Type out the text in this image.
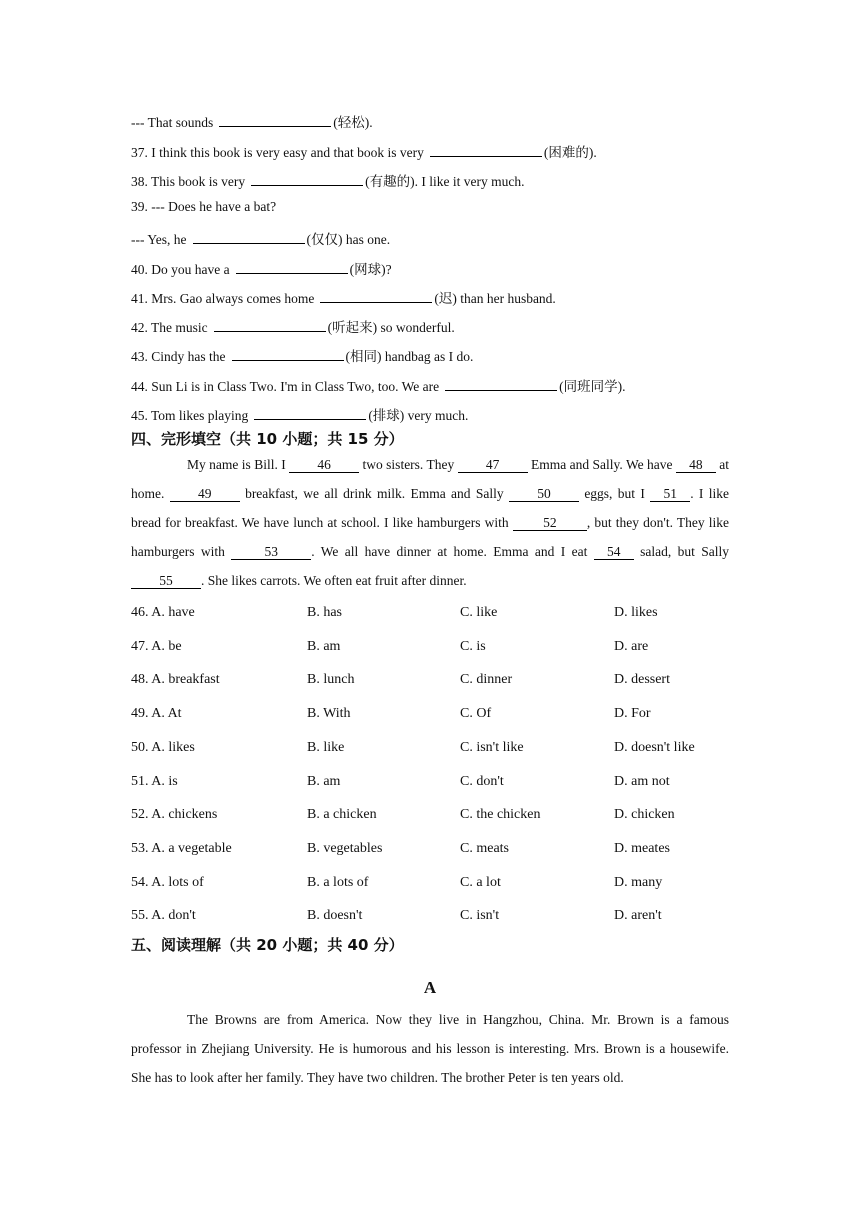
--- That sounds	(轻松).
37. I think this book is very easy and that book is very	(困难的).
38. This book is very	(有趣的). I like it very much.
39. --- Does he have a bat?
--- Yes, he	(仅仅) has one.
40. Do you have a	(网球)?
41. Mrs. Gao always comes home	(迟) than her husband.
42. The music	(听起来) so wonderful.
43. Cindy has the	(相同) handbag as I do.
44. Sun Li is in Class Two. I'm in Class Two, too. We are	(同班同学).
45. Tom likes playing	(排球) very much.
四、完形填空（共 10 小题；共 15 分）
My name is Bill. I 46 two sisters. They 47 Emma and Sally. We have 48 at home. 49 breakfast, we all drink milk. Emma and Sally 50 eggs, but I 51 . I like bread for breakfast. We have lunch at school. I like hamburgers with	52 , but they don't. They like hamburgers with	53 . We all have dinner at home. Emma and I eat 54 salad, but Sally 55 . She likes carrots. We often eat fruit after dinner.
46. A. have	B. has	C. like	D. likes
47. A. be	B. am	C. is	D. are
48. A. breakfast	B. lunch	C. dinner	D. dessert
49. A. At	B. With	C. Of	D. For
50. A. likes	B. like	C. isn't like	D. doesn't like
51. A. is	B. am	C. don't	D. am not
52. A. chickens	B. a chicken	C. the chicken	D. chicken
53. A. a vegetable	B. vegetables	C. meats	D. meates
54. A. lots of	B. a lots of	C. a lot	D. many
55. A. don't	B. doesn't	C. isn't	D. aren't
五、阅读理解（共 20 小题；共 40 分）
A
The Browns are from America. Now they live in Hangzhou, China. Mr. Brown is a famous professor in Zhejiang University. He is humorous and his lesson is interesting. Mrs. Brown is a housewife. She has to look after her family. They have two children. The brother Peter is ten years old.
